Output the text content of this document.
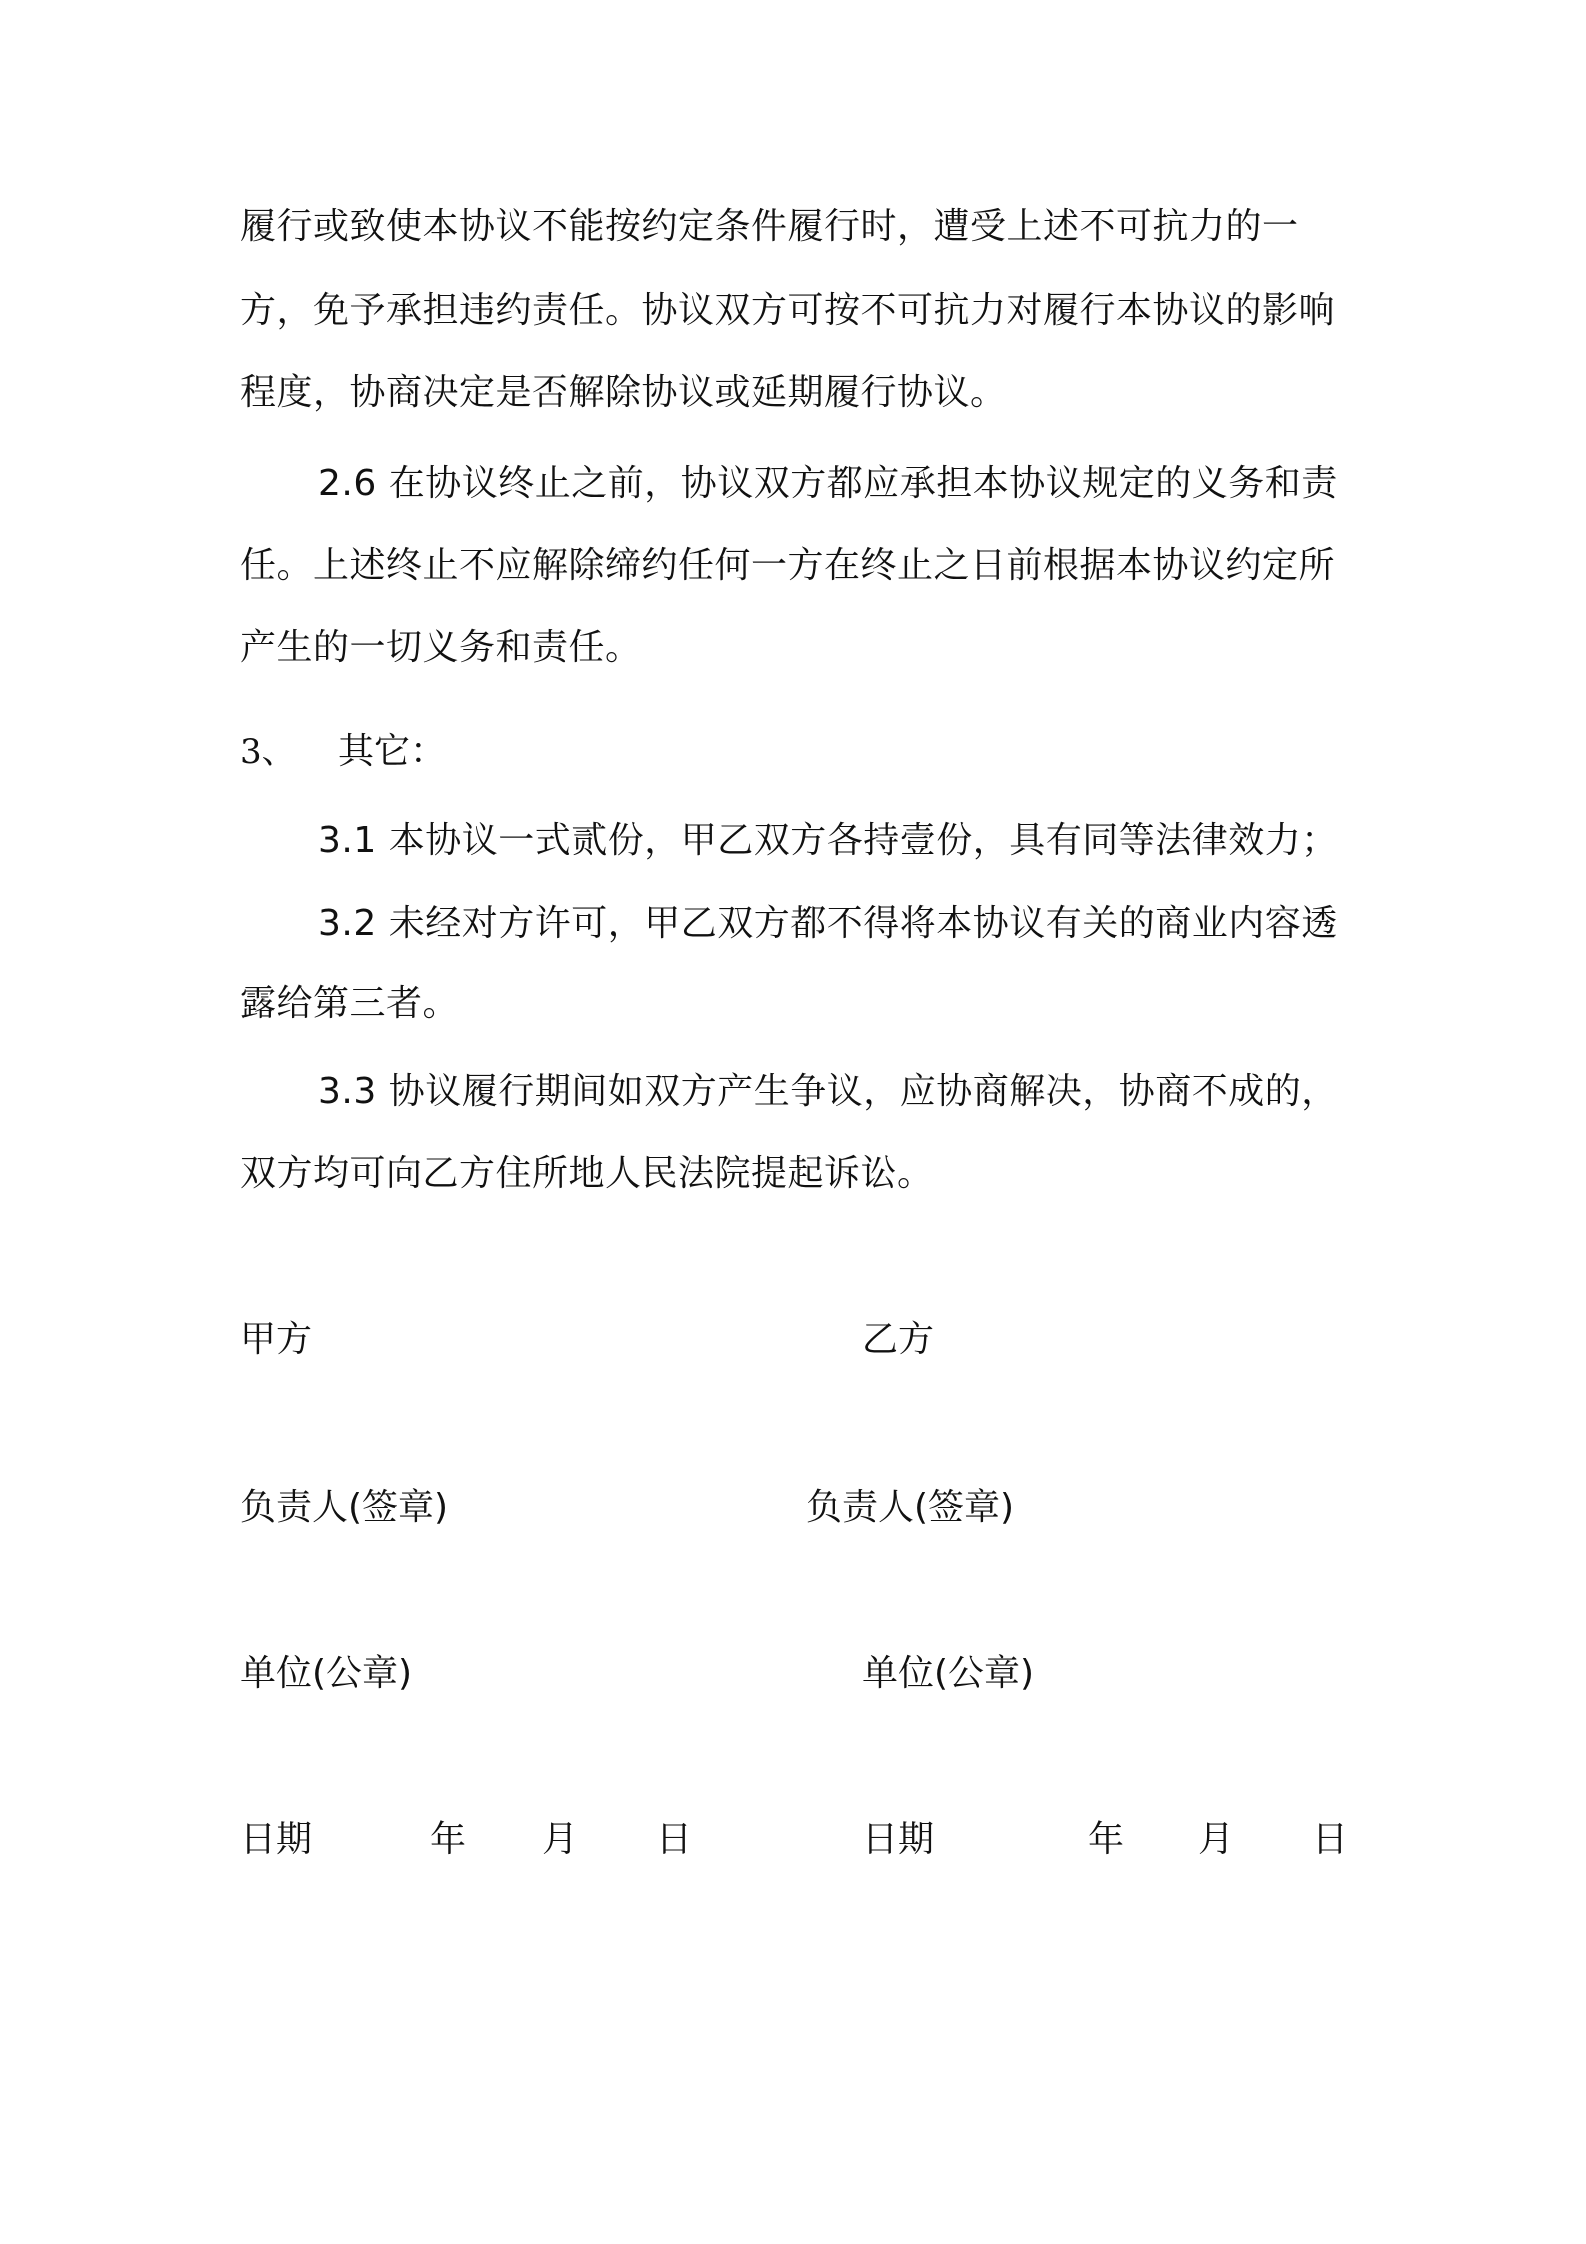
履行或致使本协议不能按约定条件履行时，遭受上述不可抗力的一
方，免予承担违约责任。协议双方可按不可抗力对履行本协议的影响
程度，协商决定是否解除协议或延期履行协议。
2.6 在协议终止之前，协议双方都应承担本协议规定的义务和责
任。上述终止不应解除缔约任何一方在终止之日前根据本协议约定所
产生的一切义务和责任。
3、 其它：
3.1 本协议一式贰份，甲乙双方各持壹份，具有同等法律效力；
3.2 未经对方许可，甲乙双方都不得将本协议有关的商业内容透
露给第三者。
3.3 协议履行期间如双方产生争议，应协商解决，协商不成的，
双方均可向乙方住所地人民法院提起诉讼。
甲方	乙方
负责人(签章)	负责人(签章)
单位(公章)	单位(公章)
日期	年 月 日	日期	年 月 日
